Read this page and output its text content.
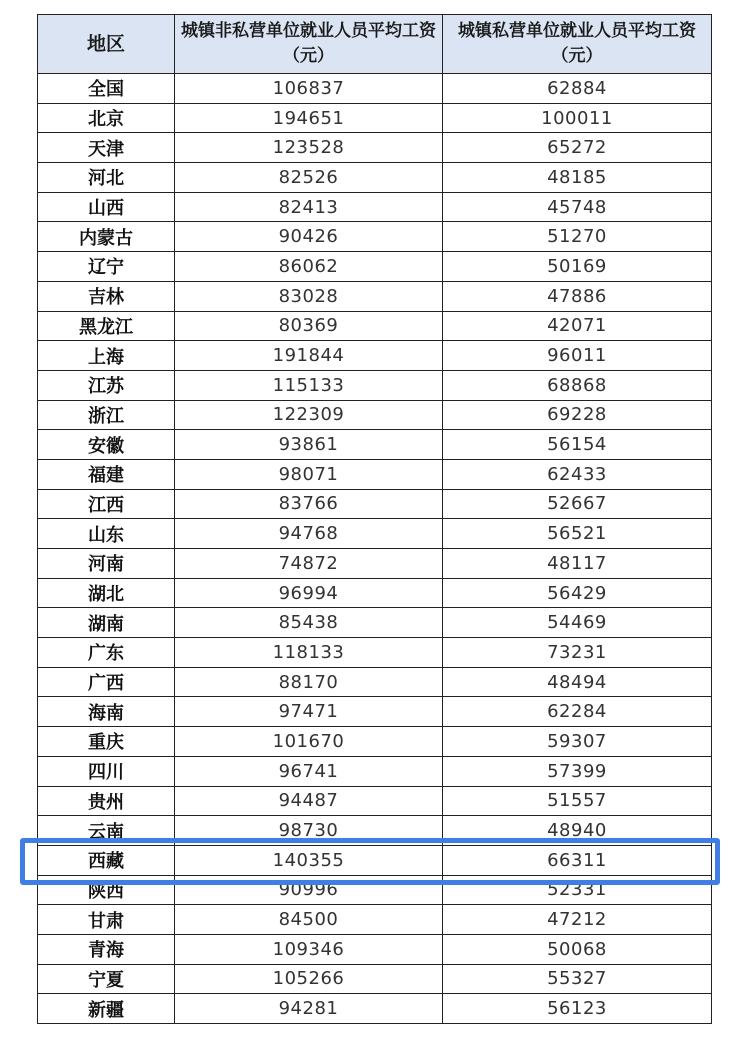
地区	城镇非私营单位就业人员平均工资（元）	城镇私营单位就业人员平均工资（元）
全国	106837	62884
北京	194651	100011
天津	123528	65272
河北	82526	48185
山西	82413	45748
内蒙古	90426	51270
辽宁	86062	50169
吉林	83028	47886
黑龙江	80369	42071
上海	191844	96011
江苏	115133	68868
浙江	122309	69228
安徽	93861	56154
福建	98071	62433
江西	83766	52667
山东	94768	56521
河南	74872	48117
湖北	96994	56429
湖南	85438	54469
广东	118133	73231
广西	88170	48494
海南	97471	62284
重庆	101670	59307
四川	96741	57399
贵州	94487	51557
云南	98730	48940
西藏	140355	66311
陕西	90996	52331
甘肃	84500	47212
青海	109346	50068
宁夏	105266	55327
新疆	94281	56123
